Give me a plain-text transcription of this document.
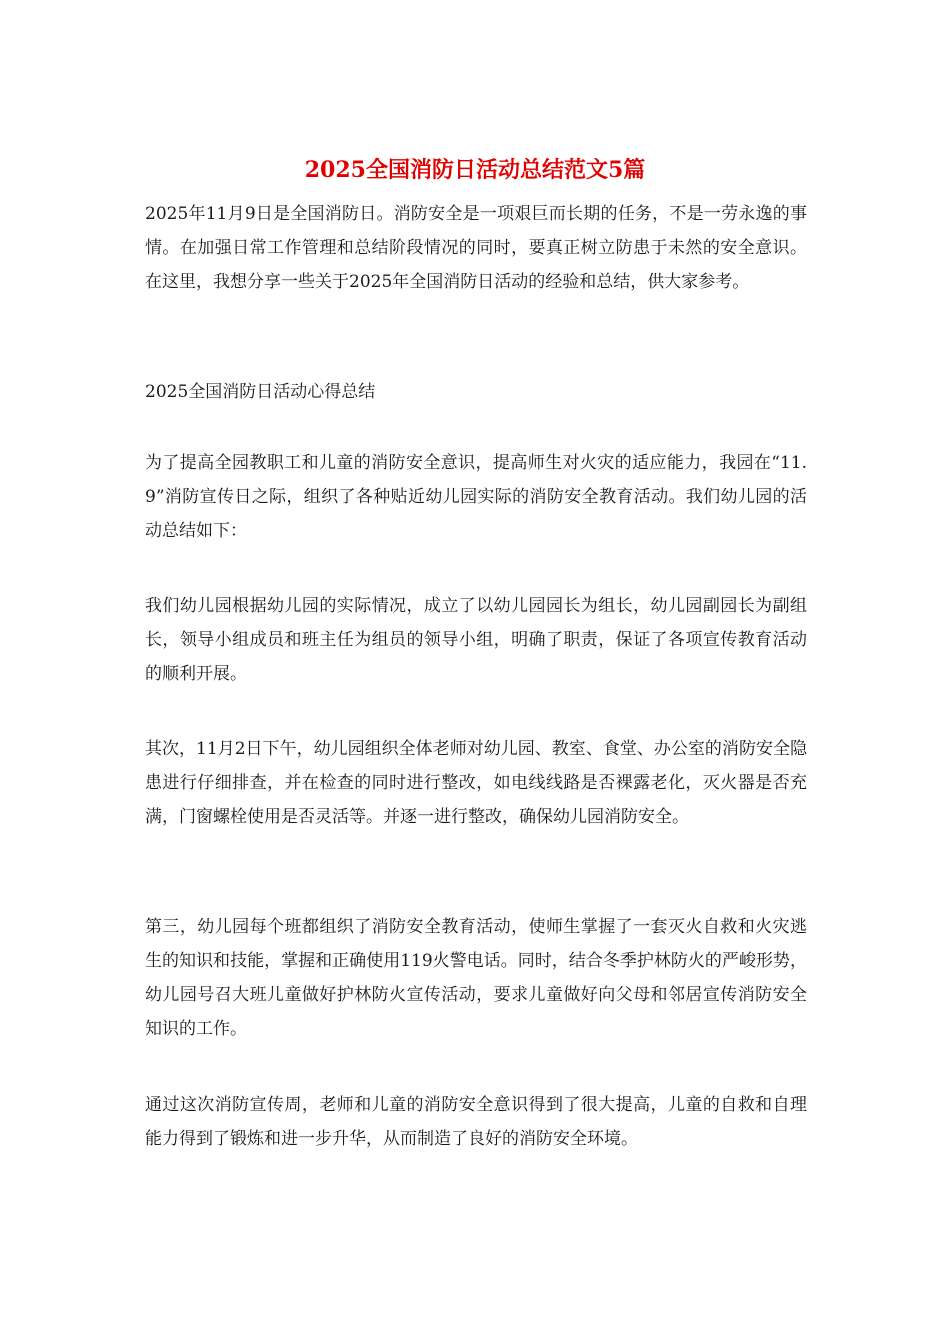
2025全国消防日活动总结范文5篇

2025年11月9日是全国消防日。消防安全是一项艰巨而长期的任务，不是一劳永逸的事情。在加强日常工作管理和总结阶段情况的同时，要真正树立防患于未然的安全意识。在这里，我想分享一些关于2025年全国消防日活动的经验和总结，供大家参考。

2025全国消防日活动心得总结

为了提高全园教职工和儿童的消防安全意识，提高师生对火灾的适应能力，我园在“11.9”消防宣传日之际，组织了各种贴近幼儿园实际的消防安全教育活动。我们幼儿园的活动总结如下：

我们幼儿园根据幼儿园的实际情况，成立了以幼儿园园长为组长，幼儿园副园长为副组长，领导小组成员和班主任为组员的领导小组，明确了职责，保证了各项宣传教育活动的顺利开展。

其次，11月2日下午，幼儿园组织全体老师对幼儿园、教室、食堂、办公室的消防安全隐患进行仔细排查，并在检查的同时进行整改，如电线线路是否裸露老化，灭火器是否充满，门窗螺栓使用是否灵活等。并逐一进行整改，确保幼儿园消防安全。

第三，幼儿园每个班都组织了消防安全教育活动，使师生掌握了一套灭火自救和火灾逃生的知识和技能，掌握和正确使用119火警电话。同时，结合冬季护林防火的严峻形势，幼儿园号召大班儿童做好护林防火宣传活动，要求儿童做好向父母和邻居宣传消防安全知识的工作。

通过这次消防宣传周，老师和儿童的消防安全意识得到了很大提高，儿童的自救和自理能力得到了锻炼和进一步升华，从而制造了良好的消防安全环境。
